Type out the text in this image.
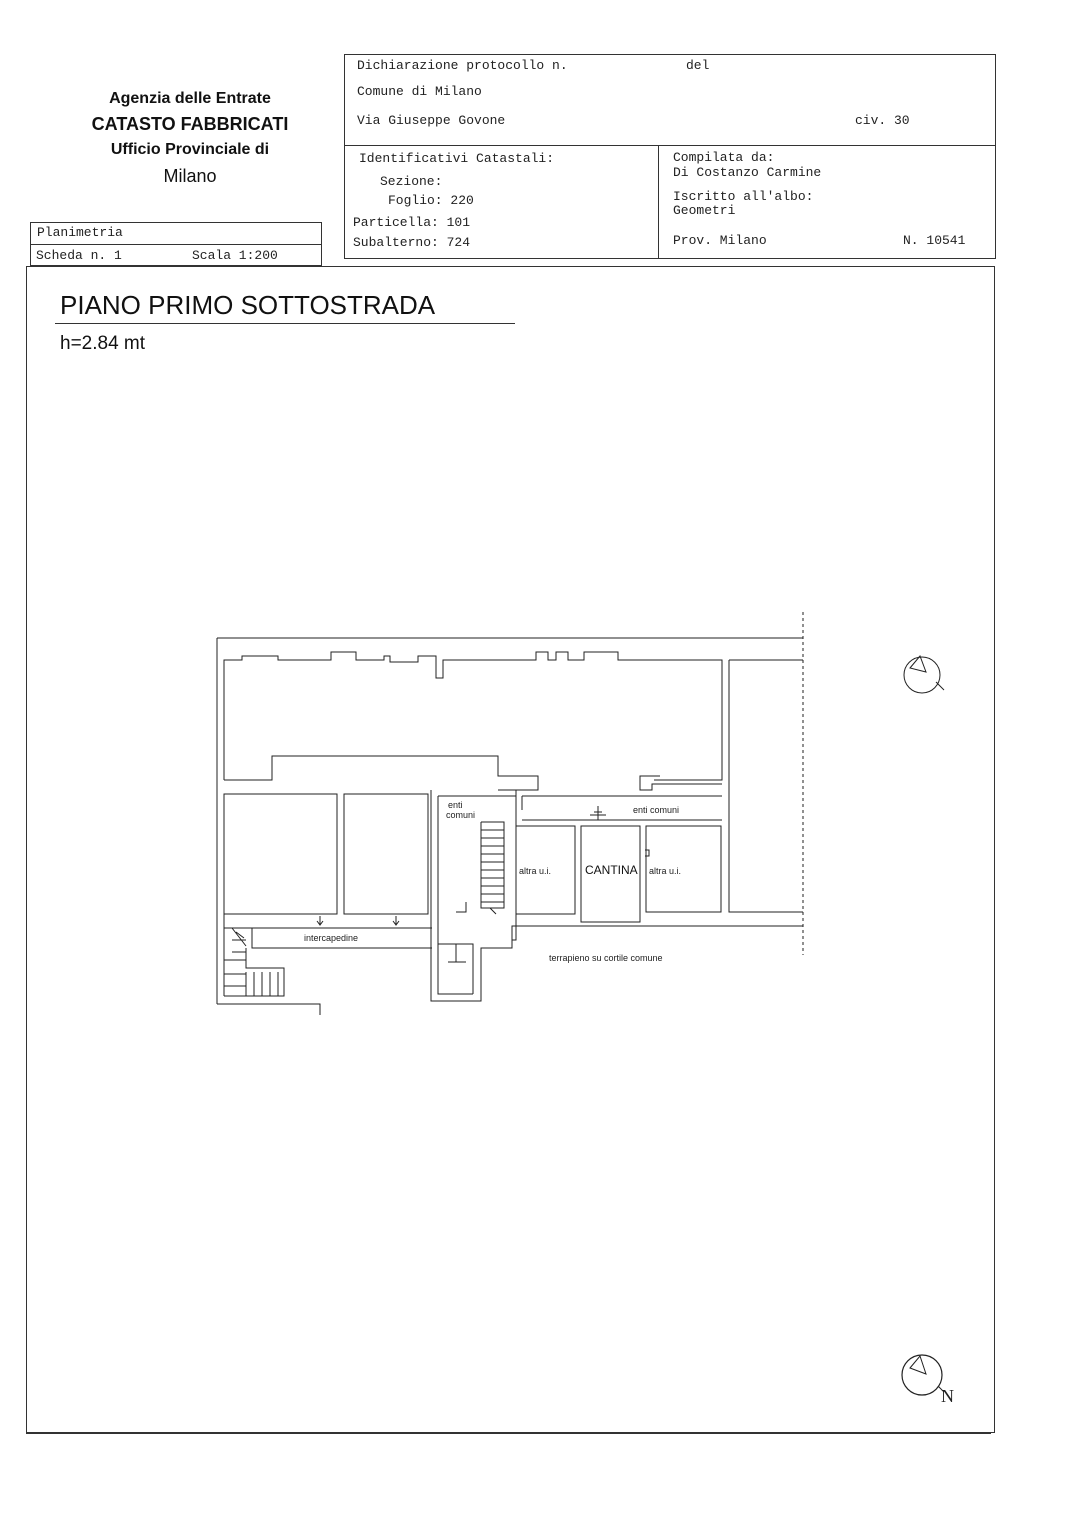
Agenzia delle Entrate
CATASTO FABBRICATI
Ufficio Provinciale di
Milano
Dichiarazione protocollo n.	del
Comune di Milano
Via Giuseppe Govone	civ. 30
Identificativi Catastali:
Sezione:
Foglio: 220
Particella: 101
Subalterno: 724
Compilata da:
Di Costanzo Carmine
Iscritto all'albo:
Geometri
Prov. Milano	N. 10541
Planimetria
Scheda n. 1	Scala 1:200
PIANO PRIMO SOTTOSTRADA
h=2.84 mt
enti
comuni	enti comuni
altra u.i.	CANTINA altra u.i.
intercapedine
terrapieno su cortile comune
N
